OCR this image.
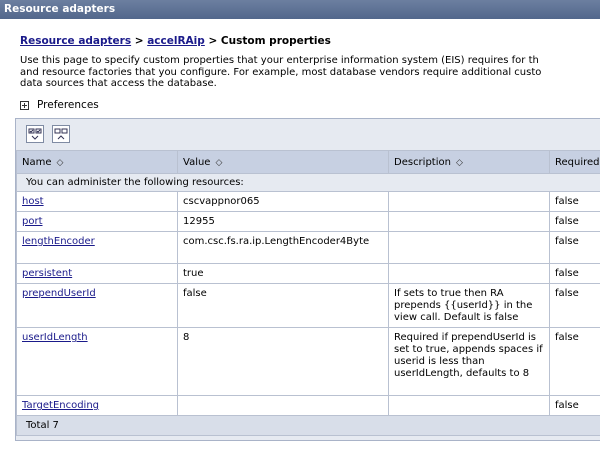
Resource adapters
Resource adapters > accelRAip > Custom properties
Use this page to specify custom properties that your enterprise information system (EIS) requires for th
and resource factories that you configure. For example, most database vendors require additional custo
data sources that access the database.
Preferences
Name ◇	Value ◇	Description ◇	Required
You can administer the following resources:			
host	cscvappnor065		false
port	12955		false
lengthEncoder	com.csc.fs.ra.ip.LengthEncoder4Byte		false
persistent	true		false
prependUserId	false	If sets to true then RA prepends {{userId}} in the view call. Default is false	false
userIdLength	8	Required if prependUserId is set to true, appends spaces if userid is less than userIdLength, defaults to 8	false
TargetEncoding			false
Total 7			
